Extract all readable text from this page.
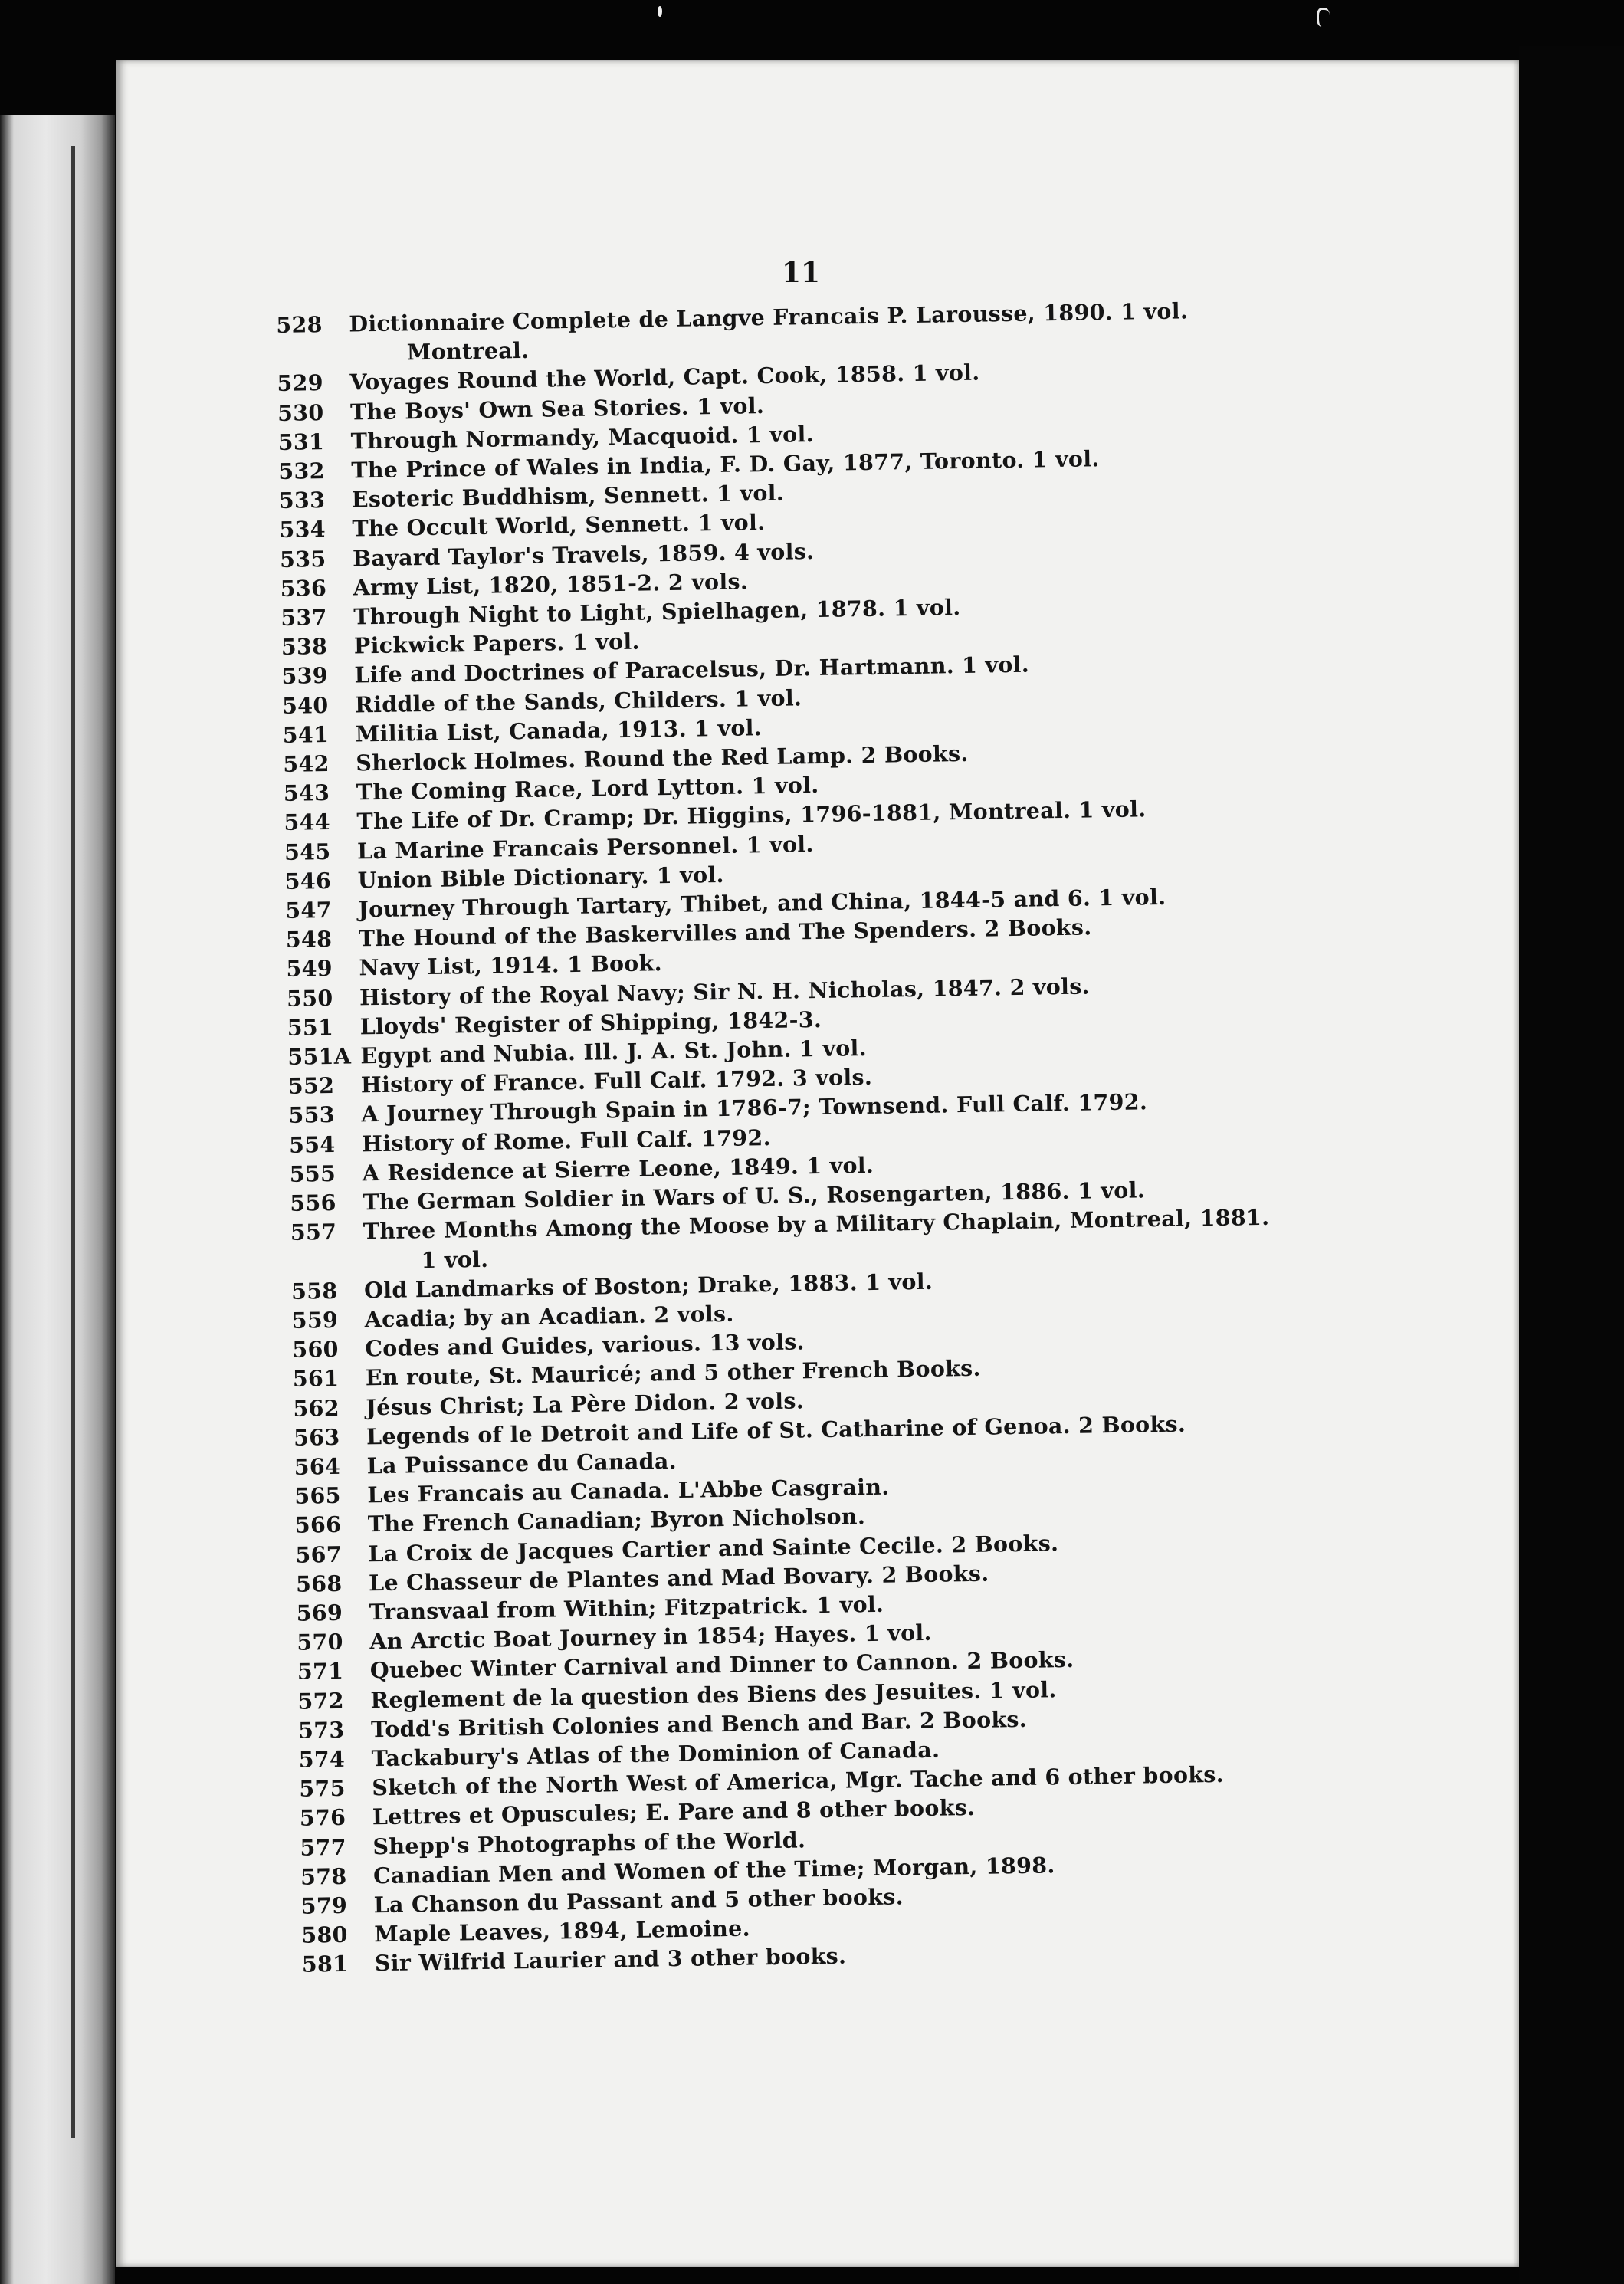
11
528	Dictionnaire Complete de Langve Francais P. Larousse, 1890. 1 vol.
Montreal.
529	Voyages Round the World, Capt. Cook, 1858. 1 vol.
530	The Boys' Own Sea Stories. 1 vol.
531	Through Normandy, Macquoid. 1 vol.
532	The Prince of Wales in India, F. D. Gay, 1877, Toronto. 1 vol.
533	Esoteric Buddhism, Sennett. 1 vol.
534	The Occult World, Sennett. 1 vol.
535	Bayard Taylor's Travels, 1859. 4 vols.
536	Army List, 1820, 1851-2. 2 vols.
537	Through Night to Light, Spielhagen, 1878. 1 vol.
538	Pickwick Papers. 1 vol.
539	Life and Doctrines of Paracelsus, Dr. Hartmann. 1 vol.
540	Riddle of the Sands, Childers. 1 vol.
541	Militia List, Canada, 1913. 1 vol.
542	Sherlock Holmes. Round the Red Lamp. 2 Books.
543	The Coming Race, Lord Lytton. 1 vol.
544	The Life of Dr. Cramp; Dr. Higgins, 1796-1881, Montreal. 1 vol.
545	La Marine Francais Personnel. 1 vol.
546	Union Bible Dictionary. 1 vol.
547	Journey Through Tartary, Thibet, and China, 1844-5 and 6. 1 vol.
548	The Hound of the Baskervilles and The Spenders. 2 Books.
549	Navy List, 1914. 1 Book.
550	History of the Royal Navy; Sir N. H. Nicholas, 1847. 2 vols.
551	Lloyds' Register of Shipping, 1842-3.
551A Egypt and Nubia. Ill. J. A. St. John. 1 vol.
552	History of France. Full Calf. 1792. 3 vols.
553	A Journey Through Spain in 1786-7; Townsend. Full Calf. 1792.
554	History of Rome. Full Calf. 1792.
555	A Residence at Sierre Leone, 1849. 1 vol.
556	The German Soldier in Wars of U. S., Rosengarten, 1886. 1 vol.
557	Three Months Among the Moose by a Military Chaplain, Montreal, 1881.
1 vol.
558	Old Landmarks of Boston; Drake, 1883. 1 vol.
559	Acadia; by an Acadian. 2 vols.
560	Codes and Guides, various. 13 vols.
561	En route, St. Mauricé; and 5 other French Books.
562	Jésus Christ; La Père Didon. 2 vols.
563	Legends of le Detroit and Life of St. Catharine of Genoa. 2 Books.
564	La Puissance du Canada.
565	Les Francais au Canada. L'Abbe Casgrain.
566	The French Canadian; Byron Nicholson.
567	La Croix de Jacques Cartier and Sainte Cecile. 2 Books.
568	Le Chasseur de Plantes and Mad Bovary. 2 Books.
569	Transvaal from Within; Fitzpatrick. 1 vol.
570	An Arctic Boat Journey in 1854; Hayes. 1 vol.
571	Quebec Winter Carnival and Dinner to Cannon. 2 Books.
572	Reglement de la question des Biens des Jesuites. 1 vol.
573	Todd's British Colonies and Bench and Bar. 2 Books.
574	Tackabury's Atlas of the Dominion of Canada.
575	Sketch of the North West of America, Mgr. Tache and 6 other books.
576	Lettres et Opuscules; E. Pare and 8 other books.
577	Shepp's Photographs of the World.
578	Canadian Men and Women of the Time; Morgan, 1898.
579	La Chanson du Passant and 5 other books.
580	Maple Leaves, 1894, Lemoine.
581	Sir Wilfrid Laurier and 3 other books.
